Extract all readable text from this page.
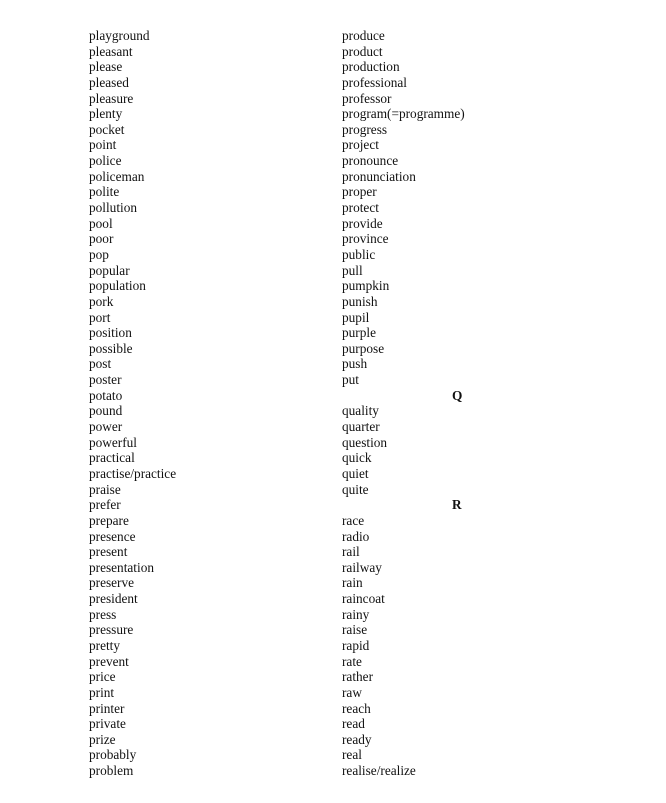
playground
pleasant
please
pleased
pleasure
plenty
pocket
point
police
policeman
polite
pollution
pool
poor
pop
popular
population
pork
port
position
possible
post
poster
potato
pound
power
powerful
practical
practise/practice
praise
prefer
prepare
presence
present
presentation
preserve
president
press
pressure
pretty
prevent
price
print
printer
private
prize
probably
problem
produce
product
production
professional
professor
program(=programme)
progress
project
pronounce
pronunciation
proper
protect
provide
province
public
pull
pumpkin
punish
pupil
purple
purpose
push
put
Q
quality
quarter
question
quick
quiet
quite
R
race
radio
rail
railway
rain
raincoat
rainy
raise
rapid
rate
rather
raw
reach
read
ready
real
realise/realize
